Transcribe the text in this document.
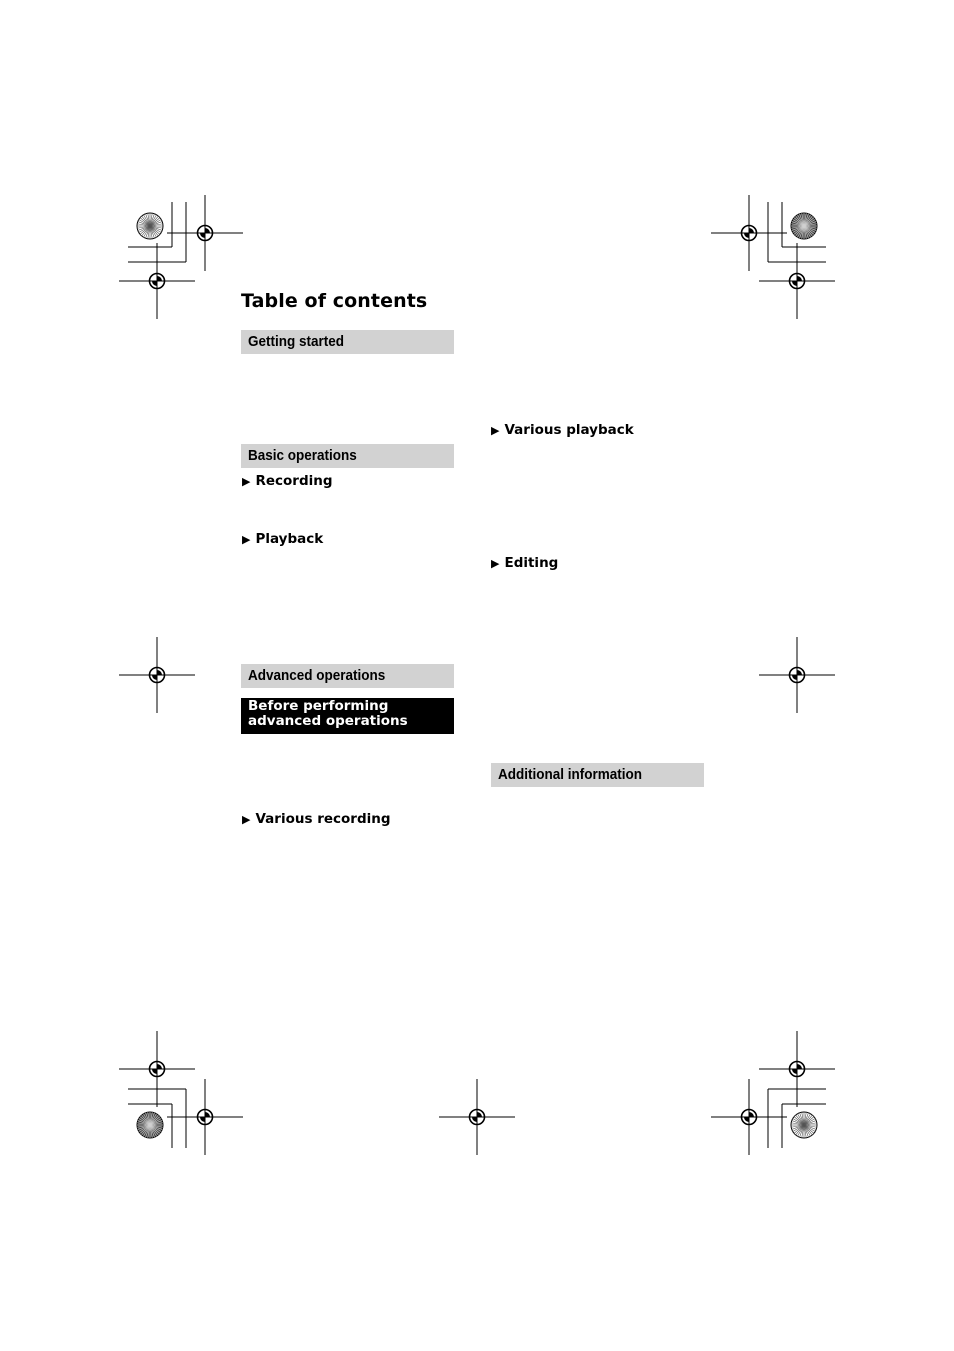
Table of contents
Getting started
Basic operations
▶ Recording
▶ Playback
Advanced operations
Before performing
advanced operations
▶ Various recording
▶ Various playback
▶ Editing
Additional information
